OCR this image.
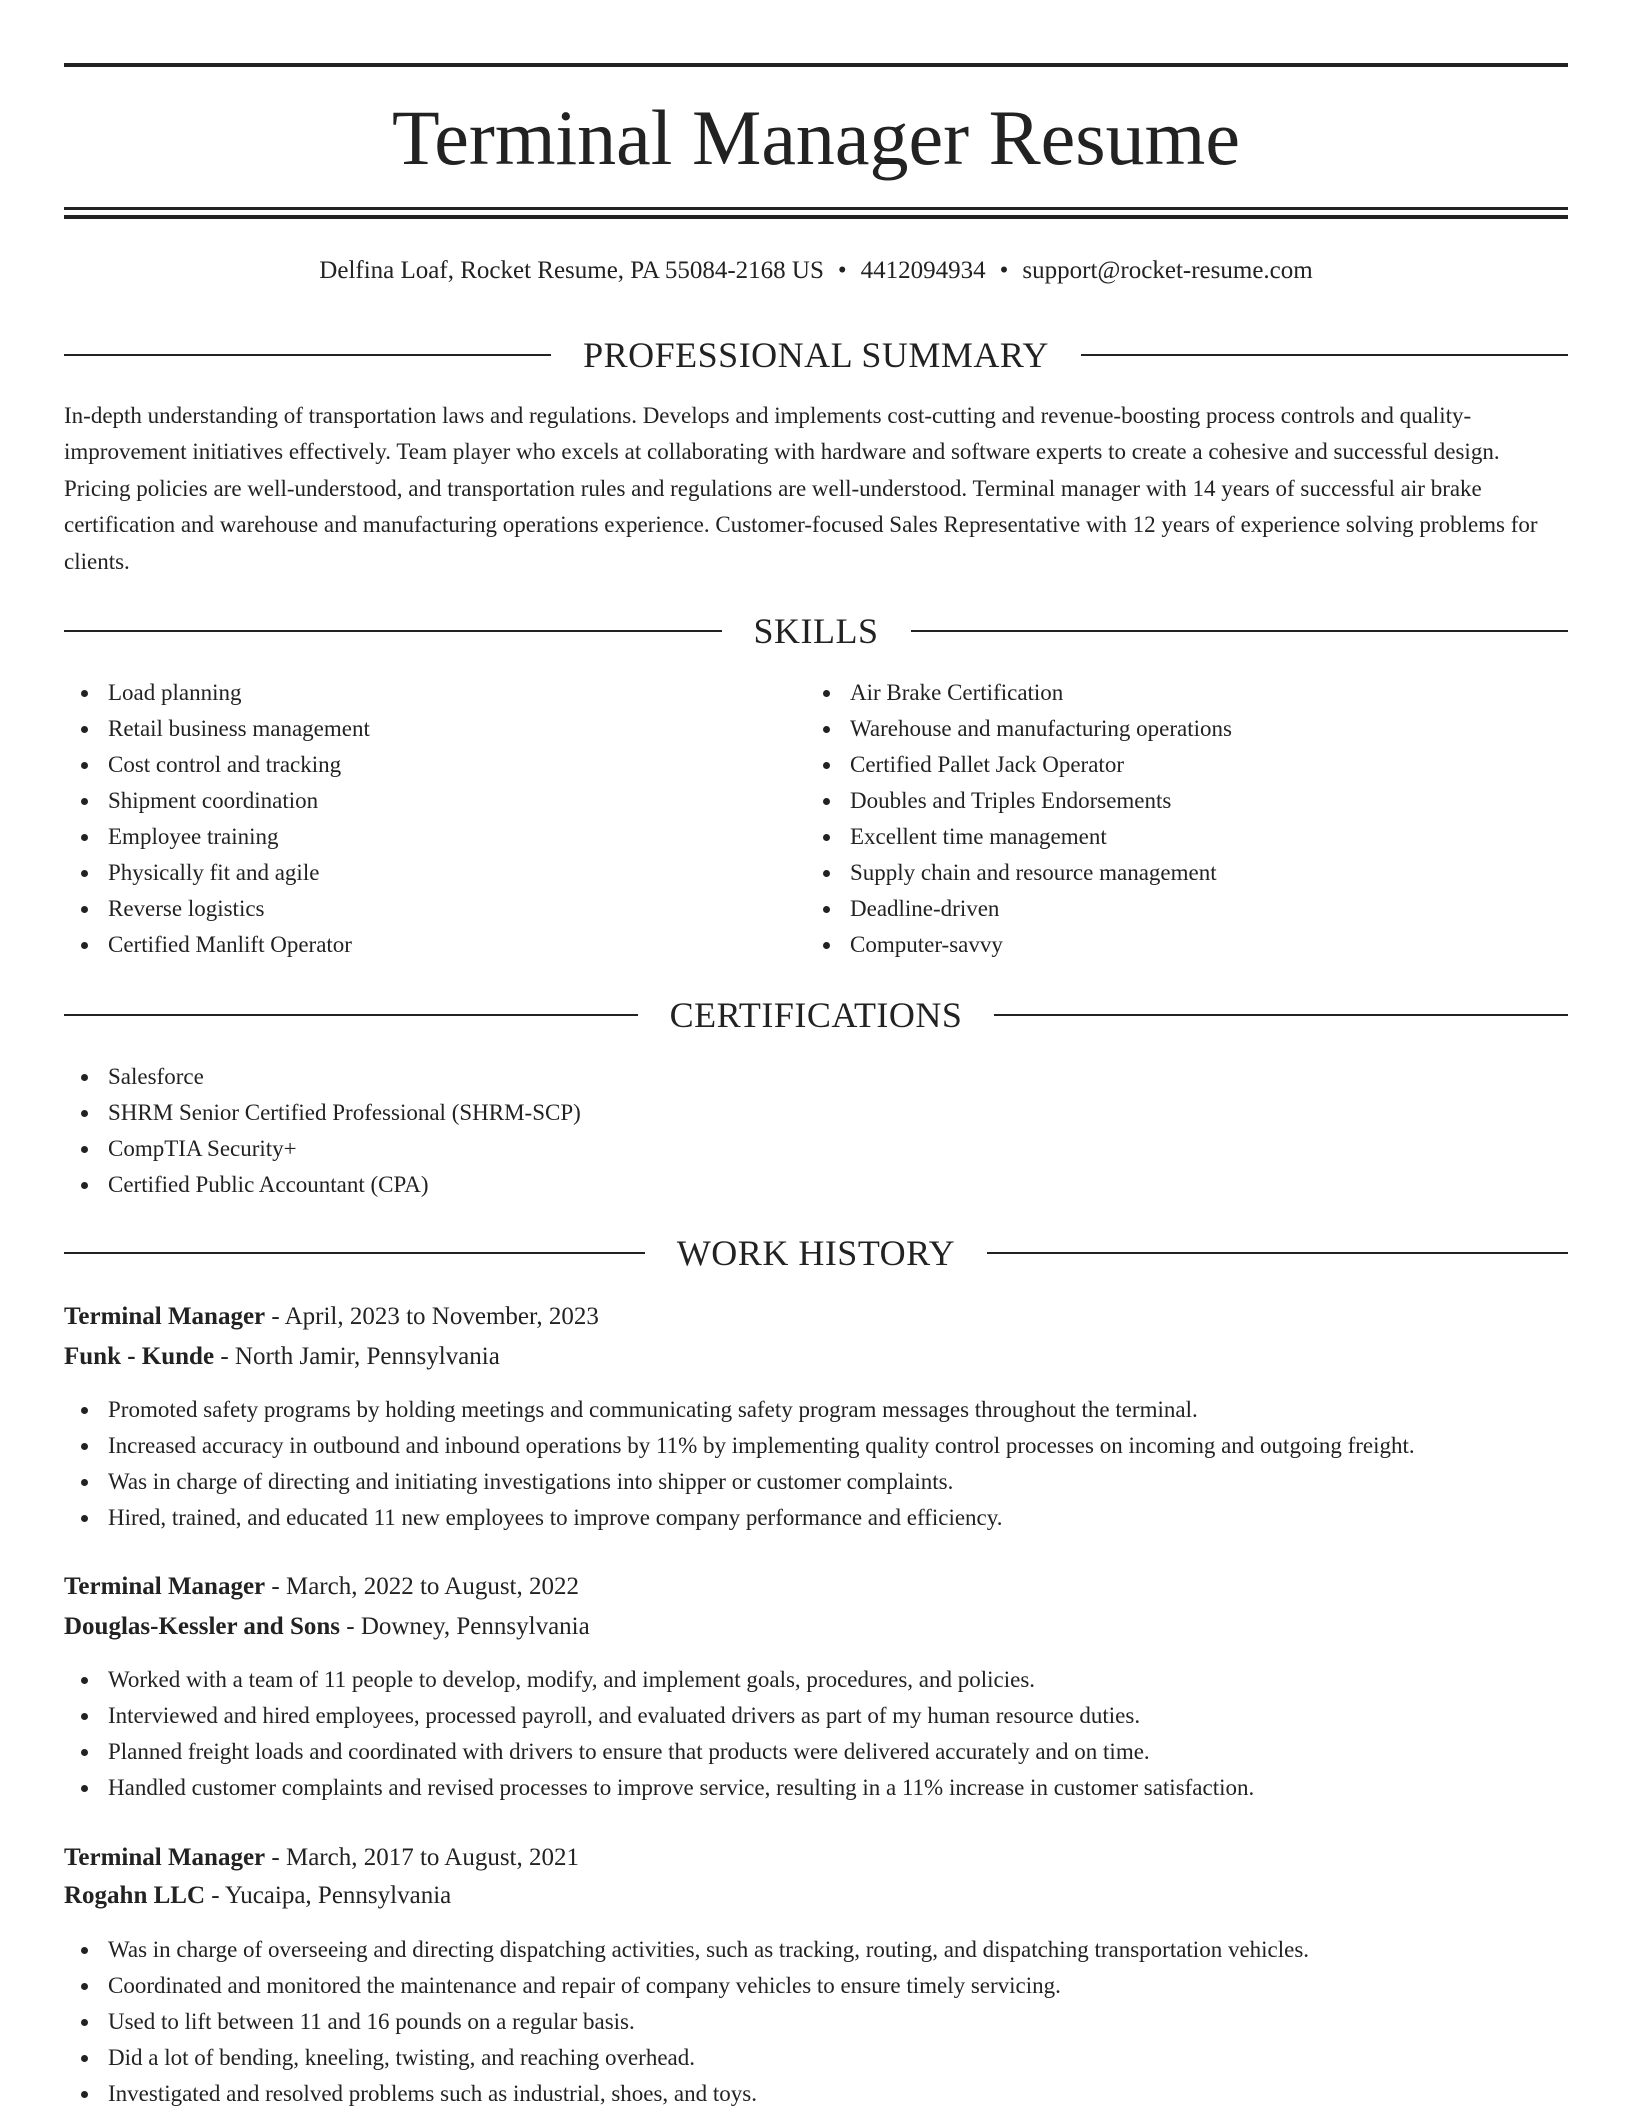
Terminal Manager Resume
Delfina Loaf, Rocket Resume, PA 55084-2168 US • 4412094934 • support@rocket-resume.com
PROFESSIONAL SUMMARY

In-depth understanding of transportation laws and regulations. Develops and implements cost-cutting and revenue-boosting process controls and quality-improvement initiatives effectively. Team player who excels at collaborating with hardware and software experts to create a cohesive and successful design. Pricing policies are well-understood, and transportation rules and regulations are well-understood. Terminal manager with 14 years of successful air brake certification and warehouse and manufacturing operations experience. Customer-focused Sales Representative with 12 years of experience solving problems for clients.

SKILLS
Load planning
Retail business management
Cost control and tracking
Shipment coordination
Employee training
Physically fit and agile
Reverse logistics
Certified Manlift Operator
Air Brake Certification
Warehouse and manufacturing operations
Certified Pallet Jack Operator
Doubles and Triples Endorsements
Excellent time management
Supply chain and resource management
Deadline-driven
Computer-savvy
CERTIFICATIONS
Salesforce
SHRM Senior Certified Professional (SHRM-SCP)
CompTIA Security+
Certified Public Accountant (CPA)
WORK HISTORY
Terminal Manager - April, 2023 to November, 2023
Funk - Kunde - North Jamir, Pennsylvania
Promoted safety programs by holding meetings and communicating safety program messages throughout the terminal.
Increased accuracy in outbound and inbound operations by 11% by implementing quality control processes on incoming and outgoing freight.
Was in charge of directing and initiating investigations into shipper or customer complaints.
Hired, trained, and educated 11 new employees to improve company performance and efficiency.
Terminal Manager - March, 2022 to August, 2022
Douglas-Kessler and Sons - Downey, Pennsylvania
Worked with a team of 11 people to develop, modify, and implement goals, procedures, and policies.
Interviewed and hired employees, processed payroll, and evaluated drivers as part of my human resource duties.
Planned freight loads and coordinated with drivers to ensure that products were delivered accurately and on time.
Handled customer complaints and revised processes to improve service, resulting in a 11% increase in customer satisfaction.
Terminal Manager - March, 2017 to August, 2021
Rogahn LLC - Yucaipa, Pennsylvania
Was in charge of overseeing and directing dispatching activities, such as tracking, routing, and dispatching transportation vehicles.
Coordinated and monitored the maintenance and repair of company vehicles to ensure timely servicing.
Used to lift between 11 and 16 pounds on a regular basis.
Did a lot of bending, kneeling, twisting, and reaching overhead.
Investigated and resolved problems such as industrial, shoes, and toys.
